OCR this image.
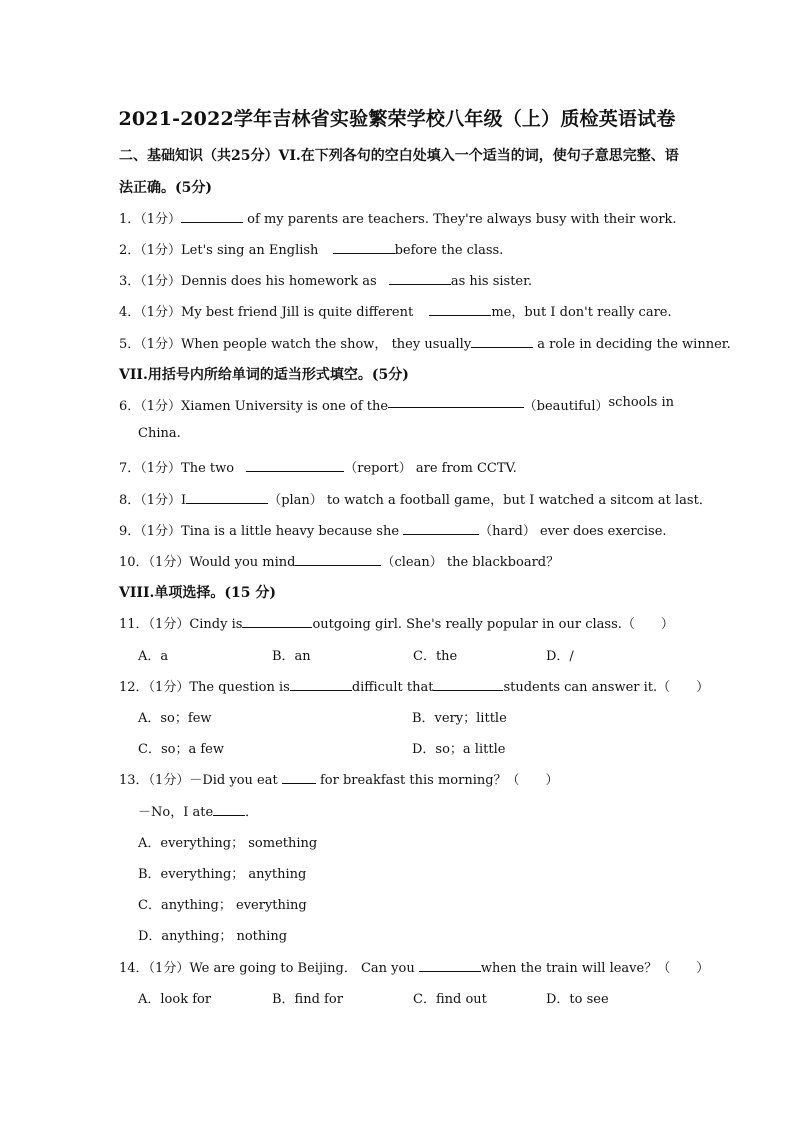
2021-2022学年吉林省实验繁荣学校八年级（上）质检英语试卷
二、基础知识（共25分）VI.在下列各句的空白处填入一个适当的词，使句子意思完整、语
法正确。(5分)
1．（1分）	of my parents are teachers. They're always busy with their work.
2．（1分）Let's sing an English	before the class.
3．（1分）Dennis does his homework as	as his sister.
4．（1分）My best friend Jill is quite different	me，but I don't really care.
5．（1分）When people watch the show， they usually	a role in deciding the winner.
VII.用括号内所给单词的适当形式填空。(5分)
6．（1分）Xiamen University is one of the	（beautiful） schools in
China.
7．（1分）The two	（report） are from CCTV.
8．（1分）I	（plan） to watch a football game，but I watched a sitcom at last．
9．（1分）Tina is a little heavy because she	（hard） ever does exercise.
10．（1分）Would you mind	（clean） the blackboard？
VIII.单项选择。(15 分)
11．（1分）Cindy is	outgoing girl. She's really popular in our class.（　　）
A．a	B．an	C．the	D．/
12．（1分）The question is	difficult that	students can answer it.（　　）
A．so；few	B．very；little
C．so；a few	D．so；a little
13．（1分）－Did you eat	for breakfast this morning？（　　）
－No，I ate ．
A．everything； something
B．everything； anything
C．anything； everything
D．anything； nothing
14．（1分）We are going to Beijing． Can you	when the train will leave？（　　）
A．look for	B．find for	C．find out	D．to see
